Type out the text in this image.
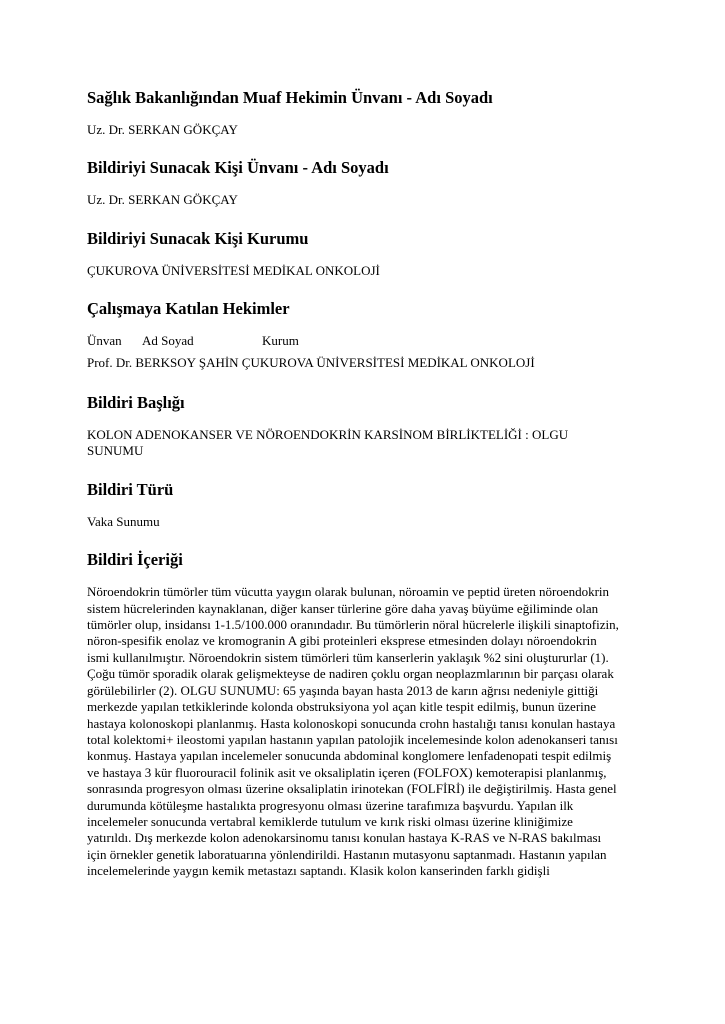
Sağlık Bakanlığından Muaf Hekimin Ünvanı - Adı Soyadı

Uz. Dr. SERKAN GÖKÇAY

Bildiriyi Sunacak Kişi Ünvanı - Adı Soyadı

Uz. Dr. SERKAN GÖKÇAY

Bildiriyi Sunacak Kişi Kurumu

ÇUKUROVA ÜNİVERSİTESİ MEDİKAL ONKOLOJİ

Çalışmaya Katılan Hekimler

Ünvan Ad Soyad	Kurum

Prof. Dr. BERKSOY ŞAHİN ÇUKUROVA ÜNİVERSİTESİ MEDİKAL ONKOLOJİ

Bildiri Başlığı

KOLON ADENOKANSER VE NÖROENDOKRİN KARSİNOM BİRLİKTELİĞİ : OLGU SUNUMU

Bildiri Türü

Vaka Sunumu

Bildiri İçeriği

Nöroendokrin tümörler tüm vücutta yaygın olarak bulunan, nöroamin ve peptid üreten nöroendokrin sistem hücrelerinden kaynaklanan, diğer kanser türlerine göre daha yavaş büyüme eğiliminde olan tümörler olup, insidansı 1-1.5/100.000 oranındadır. Bu tümörlerin nöral hücrelerle ilişkili sinaptofizin, nöron-spesifik enolaz ve kromogranin A gibi proteinleri eksprese etmesinden dolayı nöroendokrin ismi kullanılmıştır. Nöroendokrin sistem tümörleri tüm kanserlerin yaklaşık %2 sini oluştururlar (1). Çoğu tümör sporadik olarak gelişmekteyse de nadiren çoklu organ neoplazmlarının bir parçası olarak görülebilirler (2). OLGU SUNUMU: 65 yaşında bayan hasta 2013 de karın ağrısı nedeniyle gittiği merkezde yapılan tetkiklerinde kolonda obstruksiyona yol açan kitle tespit edilmiş, bunun üzerine hastaya kolonoskopi planlanmış. Hasta kolonoskopi sonucunda crohn hastalığı tanısı konulan hastaya total kolektomi+ ileostomi yapılan hastanın yapılan patolojik incelemesinde kolon adenokanseri tanısı konmuş. Hastaya yapılan incelemeler sonucunda abdominal konglomere lenfadenopati tespit edilmiş ve hastaya 3 kür fluorouracil folinik asit ve oksaliplatin içeren (FOLFOX) kemoterapisi planlanmış, sonrasında progresyon olması üzerine oksaliplatin irinotekan (FOLFİRİ) ile değiştirilmiş. Hasta genel durumunda kötüleşme hastalıkta progresyonu olması üzerine tarafımıza başvurdu. Yapılan ilk incelemeler sonucunda vertabral kemiklerde tutulum ve kırık riski olması üzerine kliniğimize yatırıldı. Dış merkezde kolon adenokarsinomu tanısı konulan hastaya K-RAS ve N-RAS bakılması için örnekler genetik laboratuarına yönlendirildi. Hastanın mutasyonu saptanmadı. Hastanın yapılan incelemelerinde yaygın kemik metastazı saptandı. Klasik kolon kanserinden farklı gidişli
